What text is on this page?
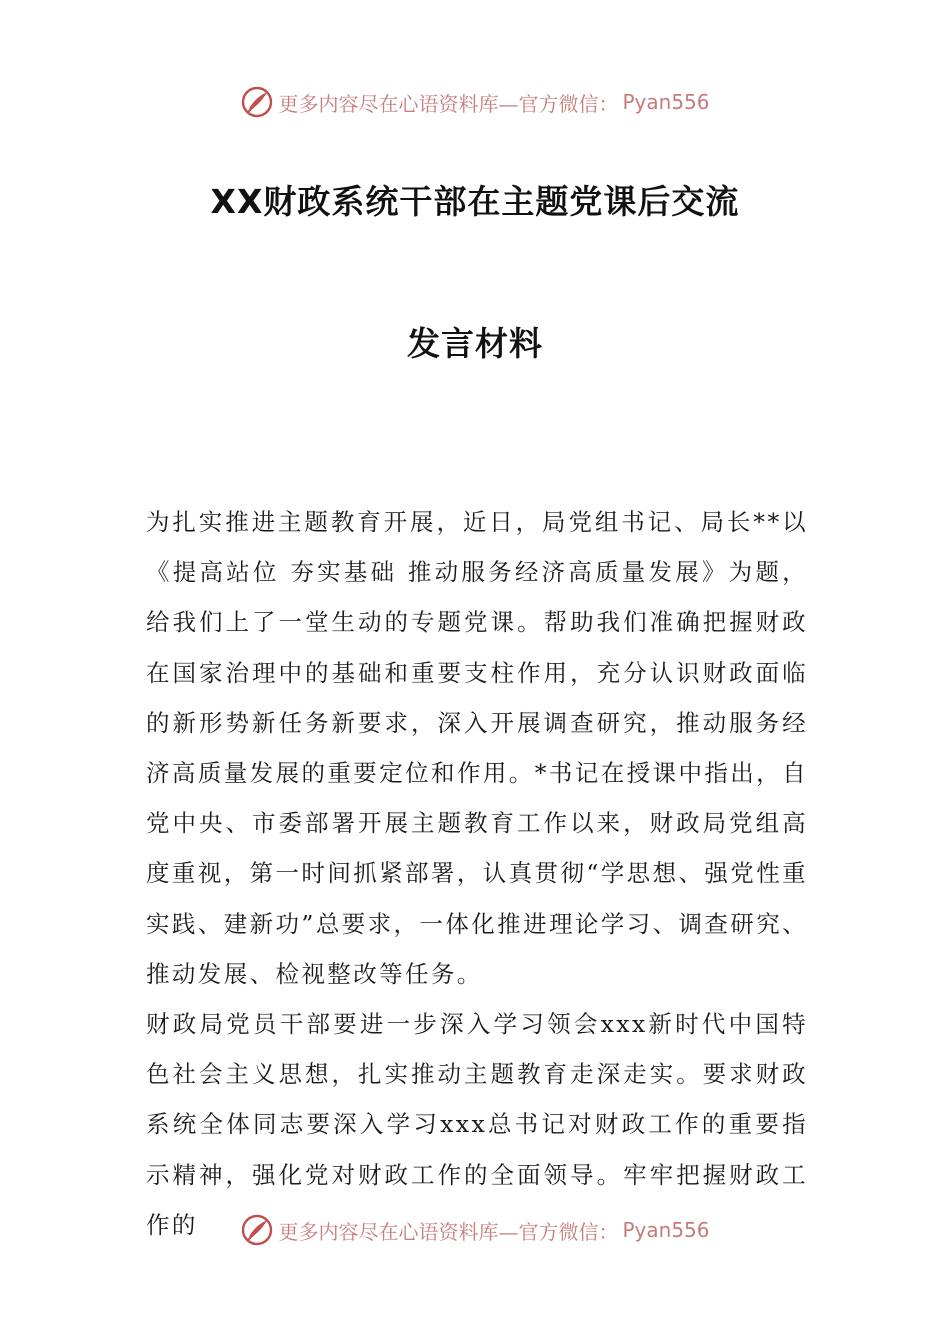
更多内容尽在心语资料库—官方微信： Pyan556
XX财政系统干部在主题党课后交流
发言材料

为扎实推进主题教育开展，近日，局党组书记、局长**以《提高站位 夯实基础 推动服务经济高质量发展》为题，给我们上了一堂生动的专题党课。帮助我们准确把握财政在国家治理中的基础和重要支柱作用，充分认识财政面临的新形势新任务新要求，深入开展调查研究，推动服务经济高质量发展的重要定位和作用。*书记在授课中指出，自党中央、市委部署开展主题教育工作以来，财政局党组高度重视，第一时间抓紧部署，认真贯彻“学思想、强党性重实践、建新功”总要求，一体化推进理论学习、调查研究、推动发展、检视整改等任务。

财政局党员干部要进一步深入学习领会xxx新时代中国特色社会主义思想，扎实推动主题教育走深走实。要求财政系统全体同志要深入学习xxx总书记对财政工作的重要指示精神，强化党对财政工作的全面领导。牢牢把握财政工作的	更多内容尽在心语资料库—官方微信： Pyan556
